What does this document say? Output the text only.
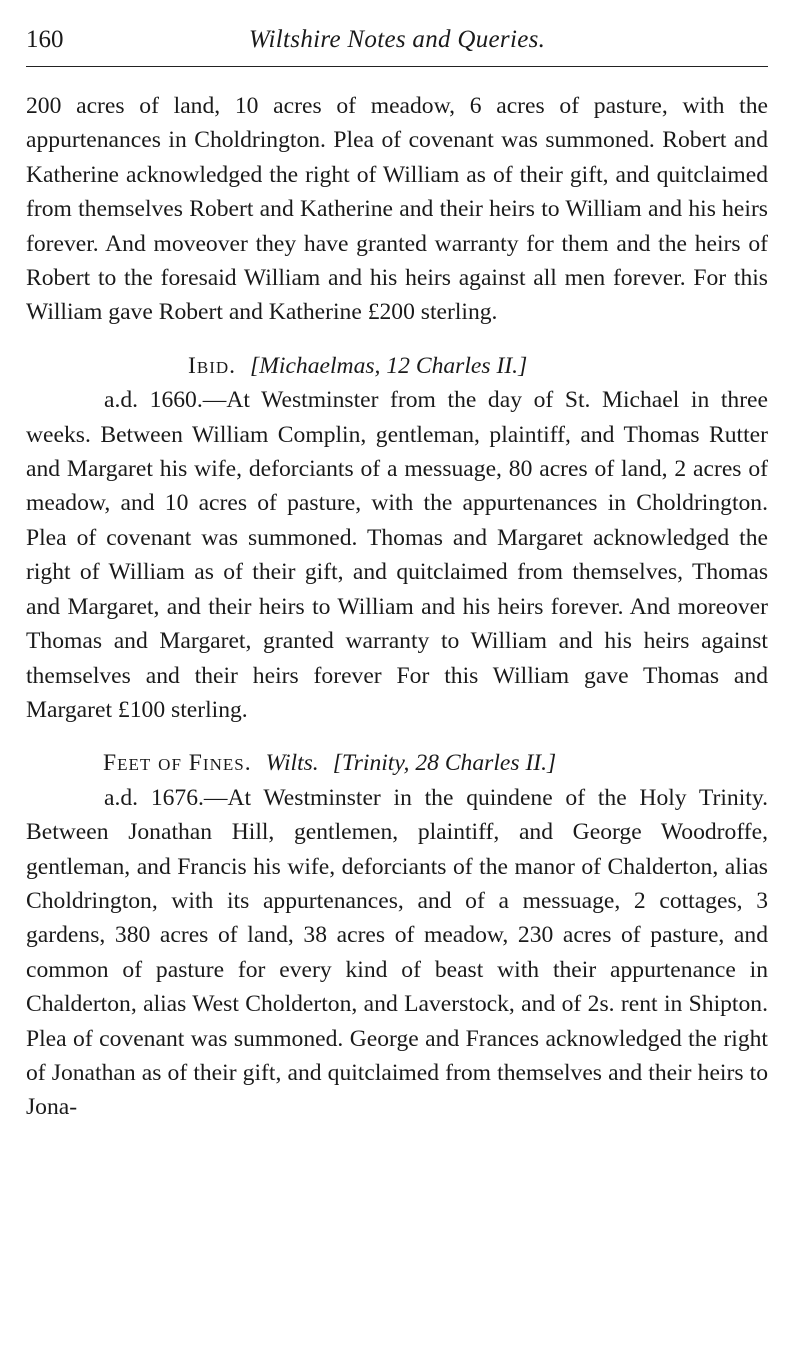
160	Wiltshire Notes and Queries.

200 acres of land, 10 acres of meadow, 6 acres of pasture, with the appurtenances in Choldrington. Plea of covenant was summoned. Robert and Katherine acknowledged the right of William as of their gift, and quitclaimed from themselves Robert and Katherine and their heirs to William and his heirs forever. And moveover they have granted warranty for them and the heirs of Robert to the foresaid William and his heirs against all men forever. For this William gave Robert and Katherine £200 sterling.

Ibid. [Michaelmas, 12 Charles II.]

a.d. 1660.—At Westminster from the day of St. Michael in three weeks. Between William Complin, gentleman, plaintiff, and Thomas Rutter and Margaret his wife, deforciants of a messuage, 80 acres of land, 2 acres of meadow, and 10 acres of pasture, with the appurtenances in Choldrington. Plea of covenant was summoned. Thomas and Margaret acknowledged the right of William as of their gift, and quitclaimed from themselves, Thomas and Margaret, and their heirs to William and his heirs forever. And moreover Thomas and Margaret, granted warranty to William and his heirs against themselves and their heirs forever For this William gave Thomas and Margaret £100 sterling.

Feet of Fines. Wilts. [Trinity, 28 Charles II.]

a.d. 1676.—At Westminster in the quindene of the Holy Trinity. Between Jonathan Hill, gentlemen, plaintiff, and George Woodroffe, gentleman, and Francis his wife, deforciants of the manor of Chalderton, alias Choldrington, with its appurtenances, and of a messuage, 2 cottages, 3 gardens, 380 acres of land, 38 acres of meadow, 230 acres of pasture, and common of pasture for every kind of beast with their appurtenance in Chalderton, alias West Cholderton, and Laverstock, and of 2s. rent in Shipton. Plea of covenant was summoned. George and Frances acknowledged the right of Jonathan as of their gift, and quitclaimed from themselves and their heirs to Jona-
